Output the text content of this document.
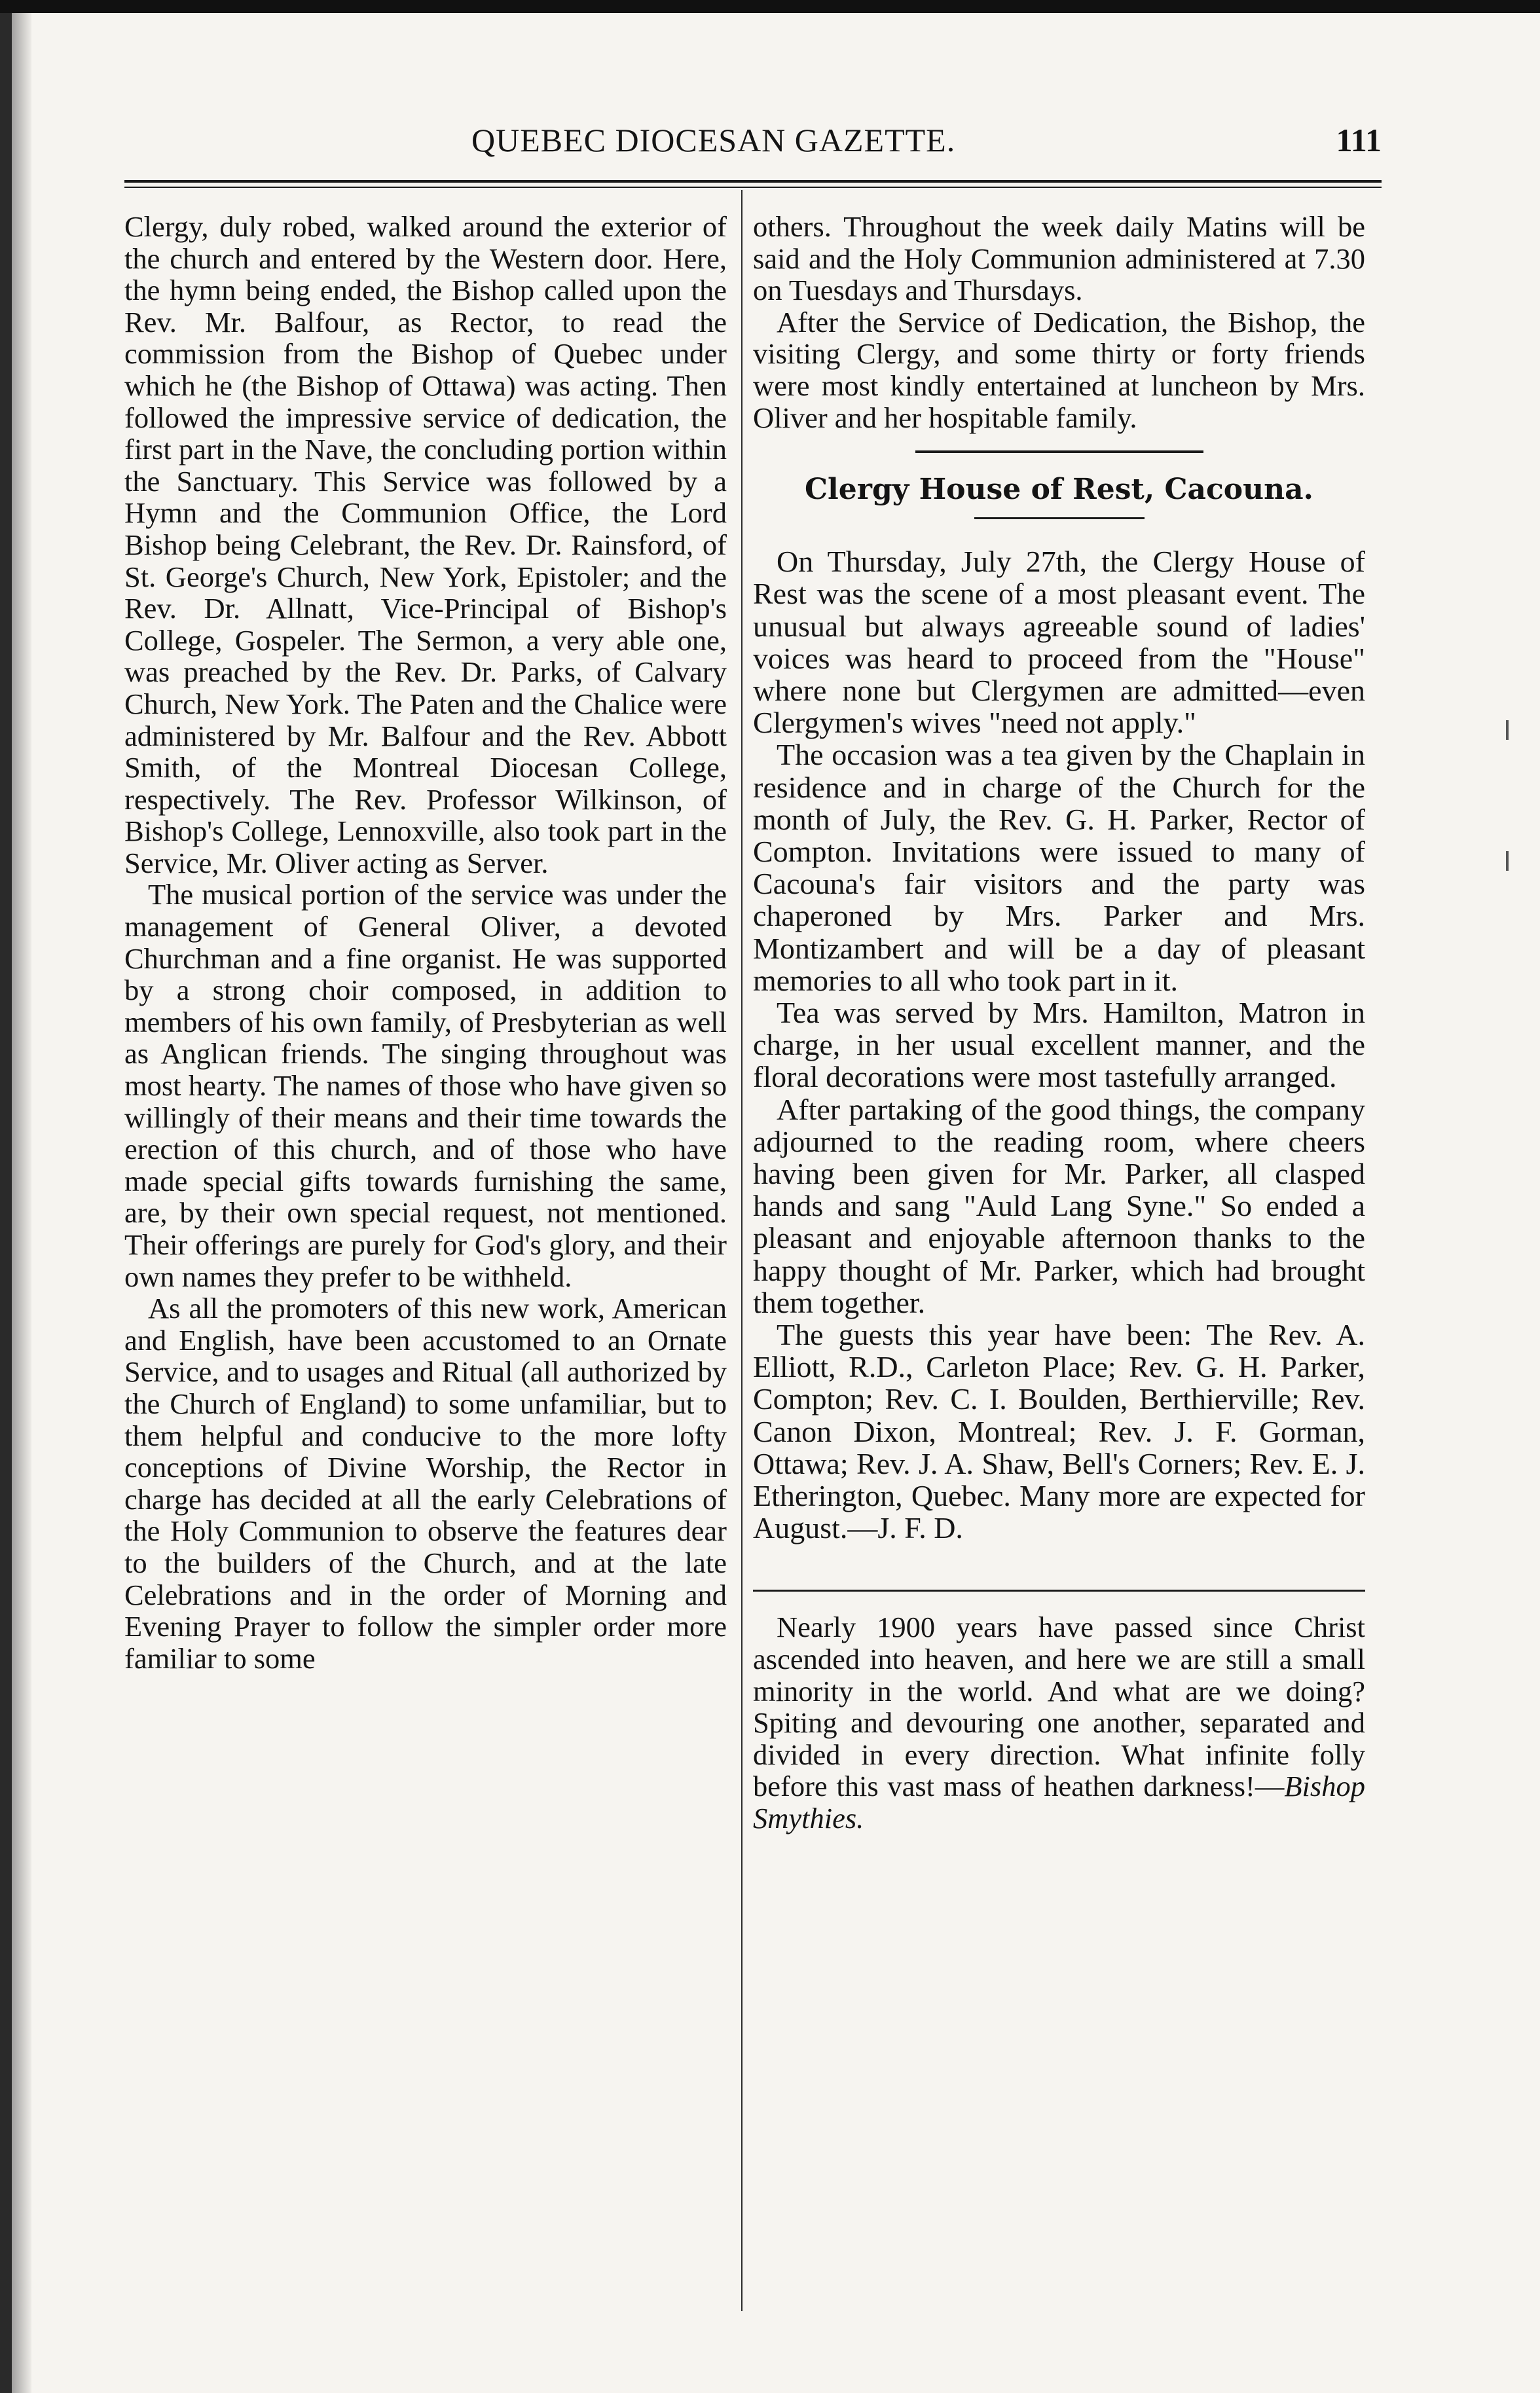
QUEBEC DIOCESAN GAZETTE.	111

Clergy, duly robed, walked around the exterior of the church and entered by the Western door. Here, the hymn being ended, the Bishop called upon the Rev. Mr. Balfour, as Rector, to read the commission from the Bishop of Quebec under which he (the Bishop of Ottawa) was acting. Then followed the impressive service of dedication, the first part in the Nave, the concluding portion within the Sanctuary. This Service was followed by a Hymn and the Communion Office, the Lord Bishop being Celebrant, the Rev. Dr. Rainsford, of St. George's Church, New York, Epistoler; and the Rev. Dr. Allnatt, Vice-Principal of Bishop's College, Gospeler. The Sermon, a very able one, was preached by the Rev. Dr. Parks, of Calvary Church, New York. The Paten and the Chalice were administered by Mr. Balfour and the Rev. Abbott Smith, of the Montreal Diocesan College, respectively. The Rev. Professor Wilkinson, of Bishop's College, Lennoxville, also took part in the Service, Mr. Oliver acting as Server.

The musical portion of the service was under the management of General Oliver, a devoted Churchman and a fine organist. He was supported by a strong choir composed, in addition to members of his own family, of Presbyterian as well as Anglican friends. The singing throughout was most hearty. The names of those who have given so willingly of their means and their time towards the erection of this church, and of those who have made special gifts towards furnishing the same, are, by their own special request, not mentioned. Their offerings are purely for God's glory, and their own names they prefer to be withheld.

As all the promoters of this new work, American and English, have been accustomed to an Ornate Service, and to usages and Ritual (all authorized by the Church of England) to some unfamiliar, but to them helpful and conducive to the more lofty conceptions of Divine Worship, the Rector in charge has decided at all the early Celebrations of the Holy Communion to observe the features dear to the builders of the Church, and at the late Celebrations and in the order of Morning and Evening Prayer to follow the simpler order more familiar to some

others. Throughout the week daily Matins will be said and the Holy Communion administered at 7.30 on Tuesdays and Thursdays.

After the Service of Dedication, the Bishop, the visiting Clergy, and some thirty or forty friends were most kindly entertained at luncheon by Mrs. Oliver and her hospitable family.

Clergy House of Rest, Cacouna.

On Thursday, July 27th, the Clergy House of Rest was the scene of a most pleasant event. The unusual but always agreeable sound of ladies' voices was heard to proceed from the "House" where none but Clergymen are admitted—even Clergymen's wives "need not apply."

The occasion was a tea given by the Chaplain in residence and in charge of the Church for the month of July, the Rev. G. H. Parker, Rector of Compton. Invitations were issued to many of Cacouna's fair visitors and the party was chaperoned by Mrs. Parker and Mrs. Montizambert and will be a day of pleasant memories to all who took part in it.

Tea was served by Mrs. Hamilton, Matron in charge, in her usual excellent manner, and the floral decorations were most tastefully arranged.

After partaking of the good things, the company adjourned to the reading room, where cheers having been given for Mr. Parker, all clasped hands and sang "Auld Lang Syne." So ended a pleasant and enjoyable afternoon thanks to the happy thought of Mr. Parker, which had brought them together.

The guests this year have been: The Rev. A. Elliott, R.D., Carleton Place; Rev. G. H. Parker, Compton; Rev. C. I. Boulden, Berthierville; Rev. Canon Dixon, Montreal; Rev. J. F. Gorman, Ottawa; Rev. J. A. Shaw, Bell's Corners; Rev. E. J. Etherington, Quebec. Many more are expected for August.—J. F. D.

Nearly 1900 years have passed since Christ ascended into heaven, and here we are still a small minority in the world. And what are we doing? Spiting and devouring one another, separated and divided in every direction. What infinite folly before this vast mass of heathen darkness!—Bishop Smythies.
